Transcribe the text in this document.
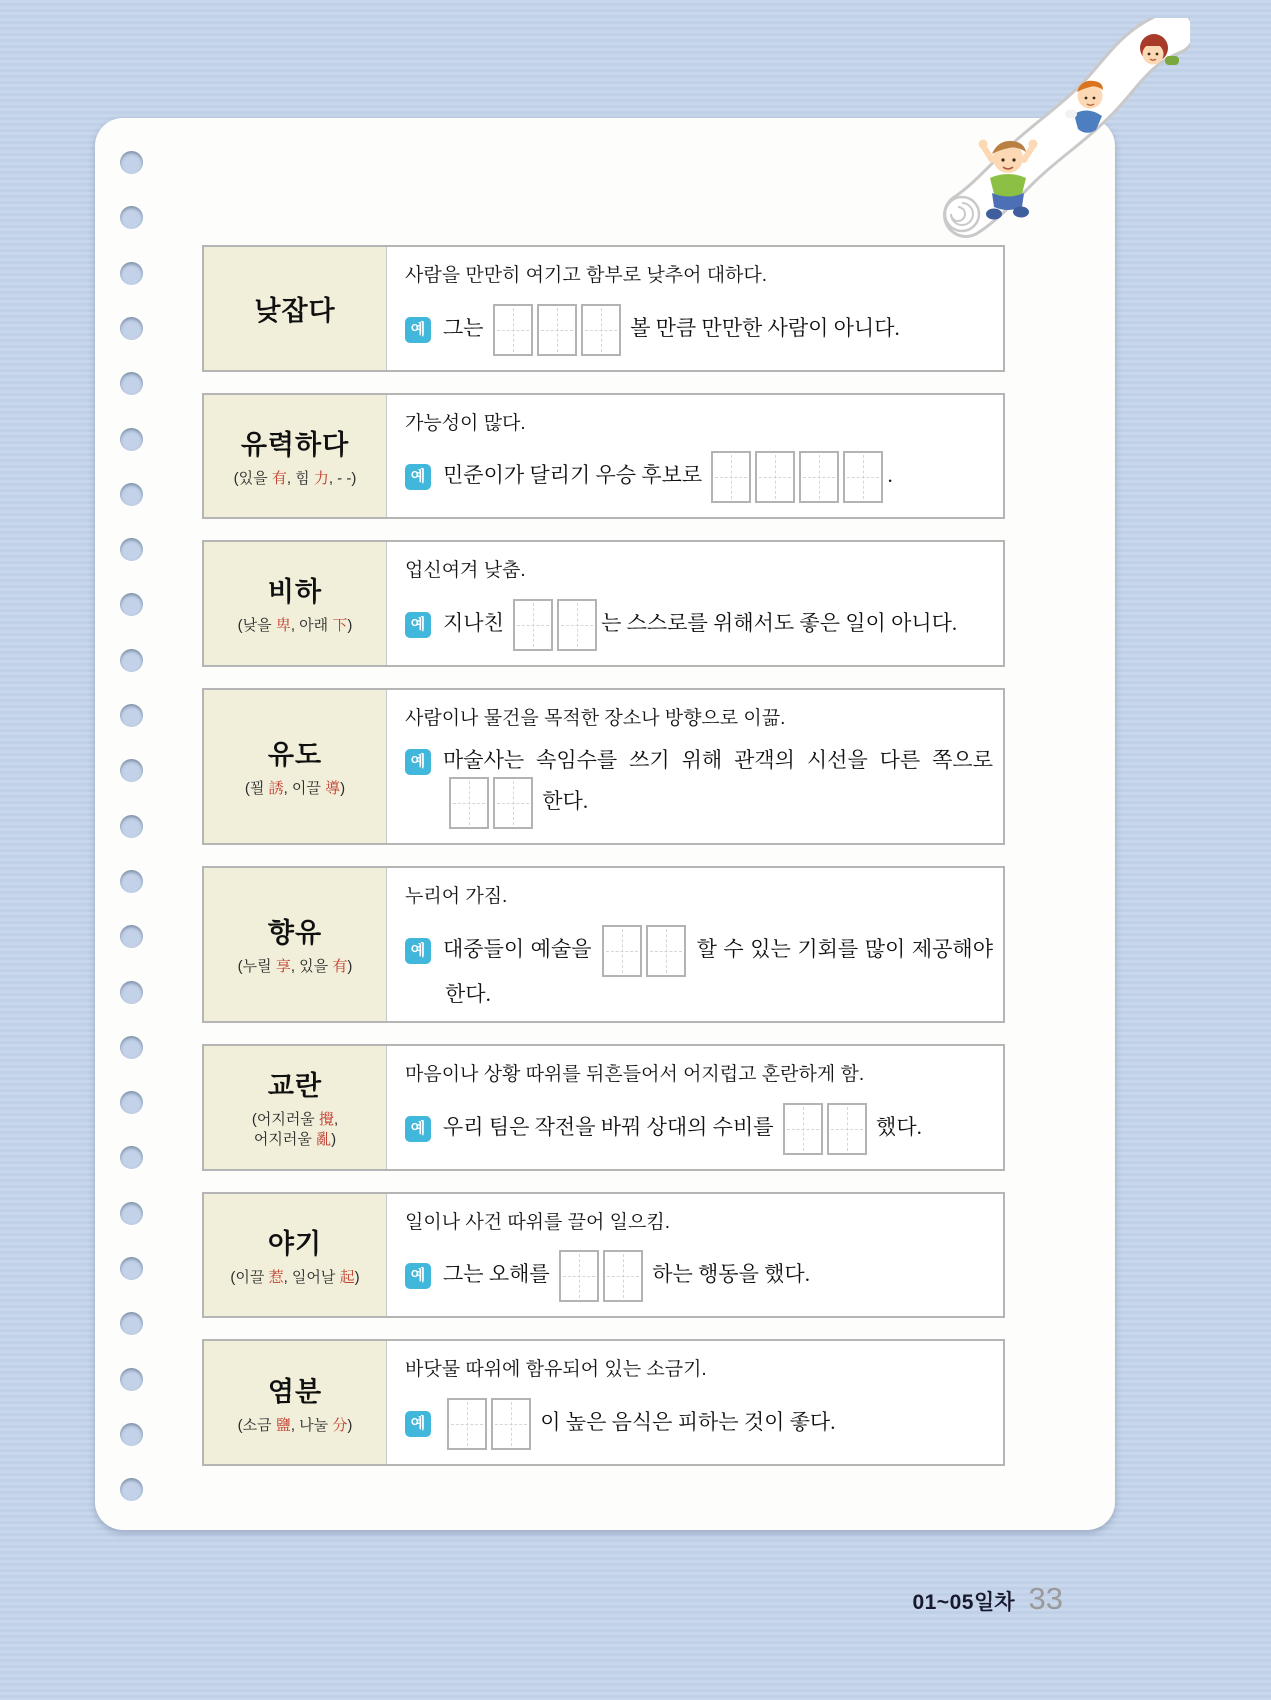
낮잡다
사람을 만만히 여기고 함부로 낮추어 대하다.
예 그는	볼 만큼 만만한 사람이 아니다.
유력하다
(있을 有, 힘 力, - -)
가능성이 많다.
예 민준이가 달리기 우승 후보로	.
비하
(낮을 卑, 아래 下)
업신여겨 낮춤.
예 지나친	는 스스로를 위해서도 좋은 일이 아니다.
유도
(꾈 誘, 이끌 導)
사람이나 물건을 목적한 장소나 방향으로 이끎.
예 마술사는 속임수를 쓰기 위해 관객의 시선을 다른 쪽으로
한다.
향유
(누릴 享, 있을 有)
누리어 가짐.
예 대중들이 예술을	할 수 있는 기회를 많이 제공해야 한다.
교란
(어지러울 攪,
어지러울 亂)
마음이나 상황 따위를 뒤흔들어서 어지럽고 혼란하게 함.
예 우리 팀은 작전을 바꿔 상대의 수비를	했다.
야기
(이끌 惹, 일어날 起)
일이나 사건 따위를 끌어 일으킴.
예 그는 오해를	하는 행동을 했다.
염분
(소금 鹽, 나눌 分)
바닷물 따위에 함유되어 있는 소금기.
예	이 높은 음식은 피하는 것이 좋다.
01~05 일차 33
